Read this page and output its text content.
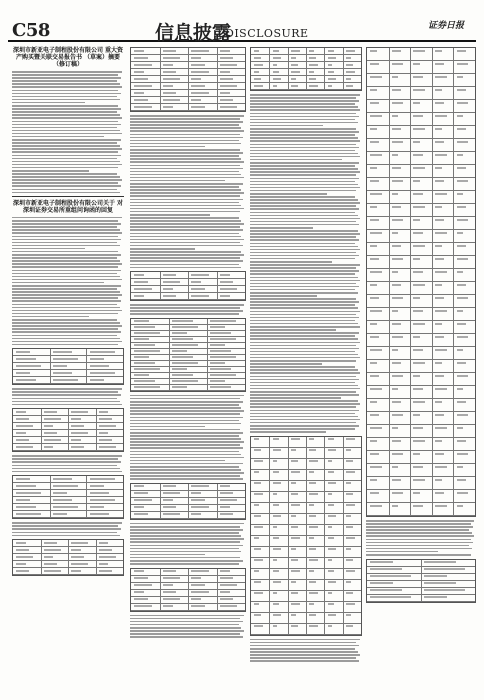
C58	信息披露
DISCLOSURE
证券日报
深圳市新亚电子制程股份有限公司 重大资产购买暨关联交易报告书 （草案）摘要（修订稿）
深圳市新亚电子制程股份有限公司关于 对深圳证券交易所重组问询函的回复
